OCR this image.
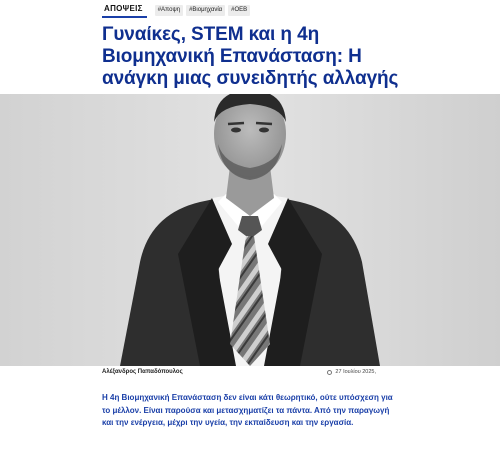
ΑΠΟΨΕΙΣ	#Αποψη	#Βιομηχανία	#ΟΕΒ
Γυναίκες, STEM και η 4η Βιομηχανική Επανάσταση: Η ανάγκη μιας συνειδητής αλλαγής
Αλέξανδρος Παπαδόπουλος	27 Ιουλίου 2025,

Η 4η Βιομηχανική Επανάσταση δεν είναι κάτι θεωρητικό, ούτε υπόσχεση για το μέλλον. Είναι παρούσα και μετασχηματίζει τα πάντα. Από την παραγωγή και την ενέργεια, μέχρι την υγεία, την εκπαίδευση και την εργασία.
